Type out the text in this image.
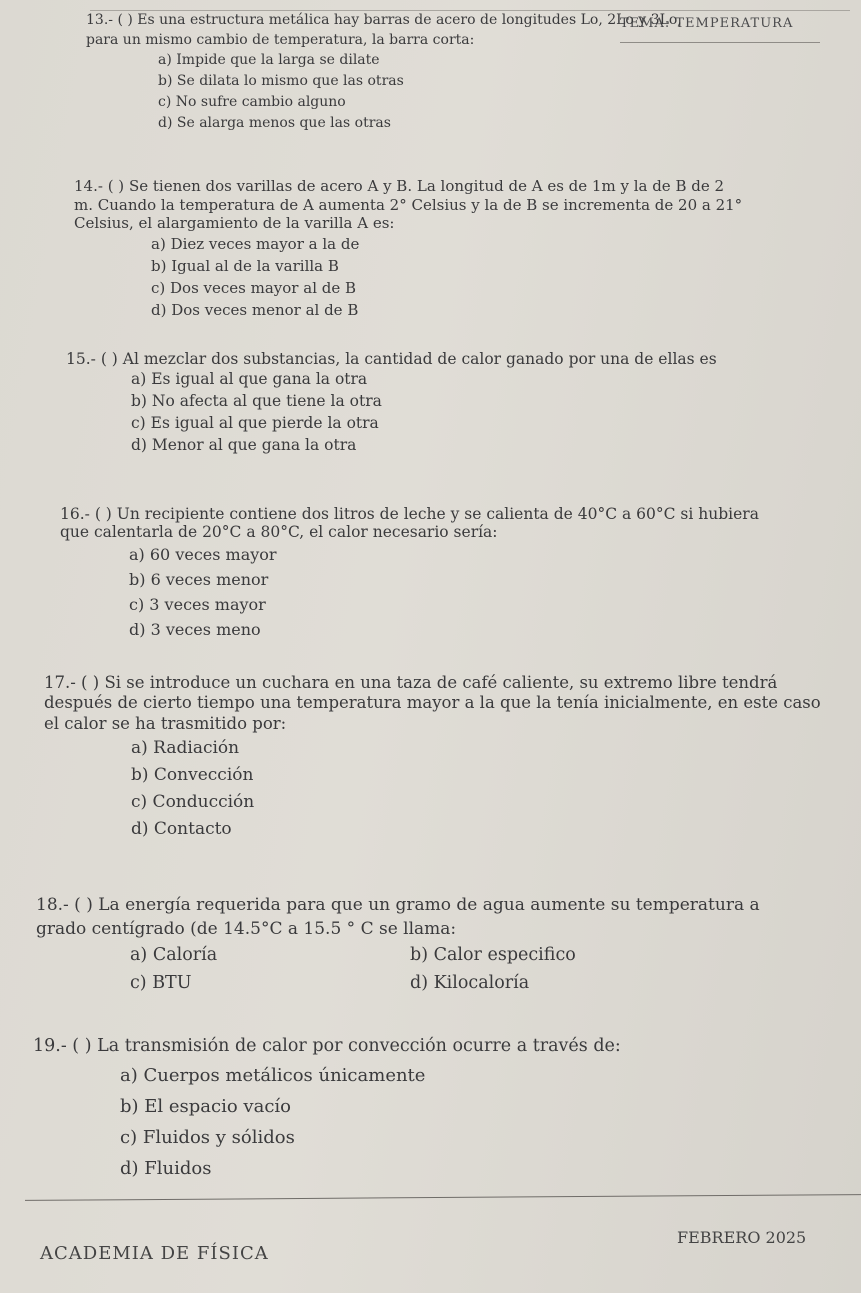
TEMA: TEMPERATURA

13.- ( ) Es una estructura metálica hay barras de acero de longitudes Lo, 2Lo y 3Lo,

para un mismo cambio de temperatura, la barra corta:

a) Impide que la larga se dilate

b) Se dilata lo mismo que las otras

c) No sufre cambio alguno

d) Se alarga menos que las otras

14.- ( ) Se tienen dos varillas de acero A y B. La longitud de A es de 1m y la de B de 2

m. Cuando la temperatura de A aumenta 2° Celsius y la de B se incrementa de 20 a 21°

Celsius, el alargamiento de la varilla A es:

a) Diez veces mayor a la de

b) Igual al de la varilla B

c) Dos veces mayor al de B

d) Dos veces menor al de B

15.- ( ) Al mezclar dos substancias, la cantidad de calor ganado por una de ellas es

a) Es igual al que gana la otra

b) No afecta al que tiene la otra

c) Es igual al que pierde la otra

d) Menor al que gana la otra

16.- ( ) Un recipiente contiene dos litros de leche y se calienta de 40°C a 60°C si hubiera

que calentarla de 20°C a 80°C, el calor necesario sería:

a) 60 veces mayor

b) 6 veces menor

c) 3 veces mayor

d) 3 veces meno

17.- ( ) Si se introduce un cuchara en una taza de café caliente, su extremo libre tendrá

después de cierto tiempo una temperatura mayor a la que la tenía inicialmente, en este caso

el calor se ha trasmitido por:

a) Radiación

b) Convección

c) Conducción

d) Contacto

18.- ( ) La energía requerida para que un gramo de agua aumente su temperatura a

grado centígrado (de 14.5°C a 15.5 ° C se llama:

a) Caloría	b) Calor especifico

c) BTU	d) Kilocaloría

19.- ( ) La transmisión de calor por convección ocurre a través de:

a) Cuerpos metálicos únicamente

b) El espacio vacío

c) Fluidos y sólidos

d) Fluidos

FEBRERO 2025
ACADEMIA DE FÍSICA
